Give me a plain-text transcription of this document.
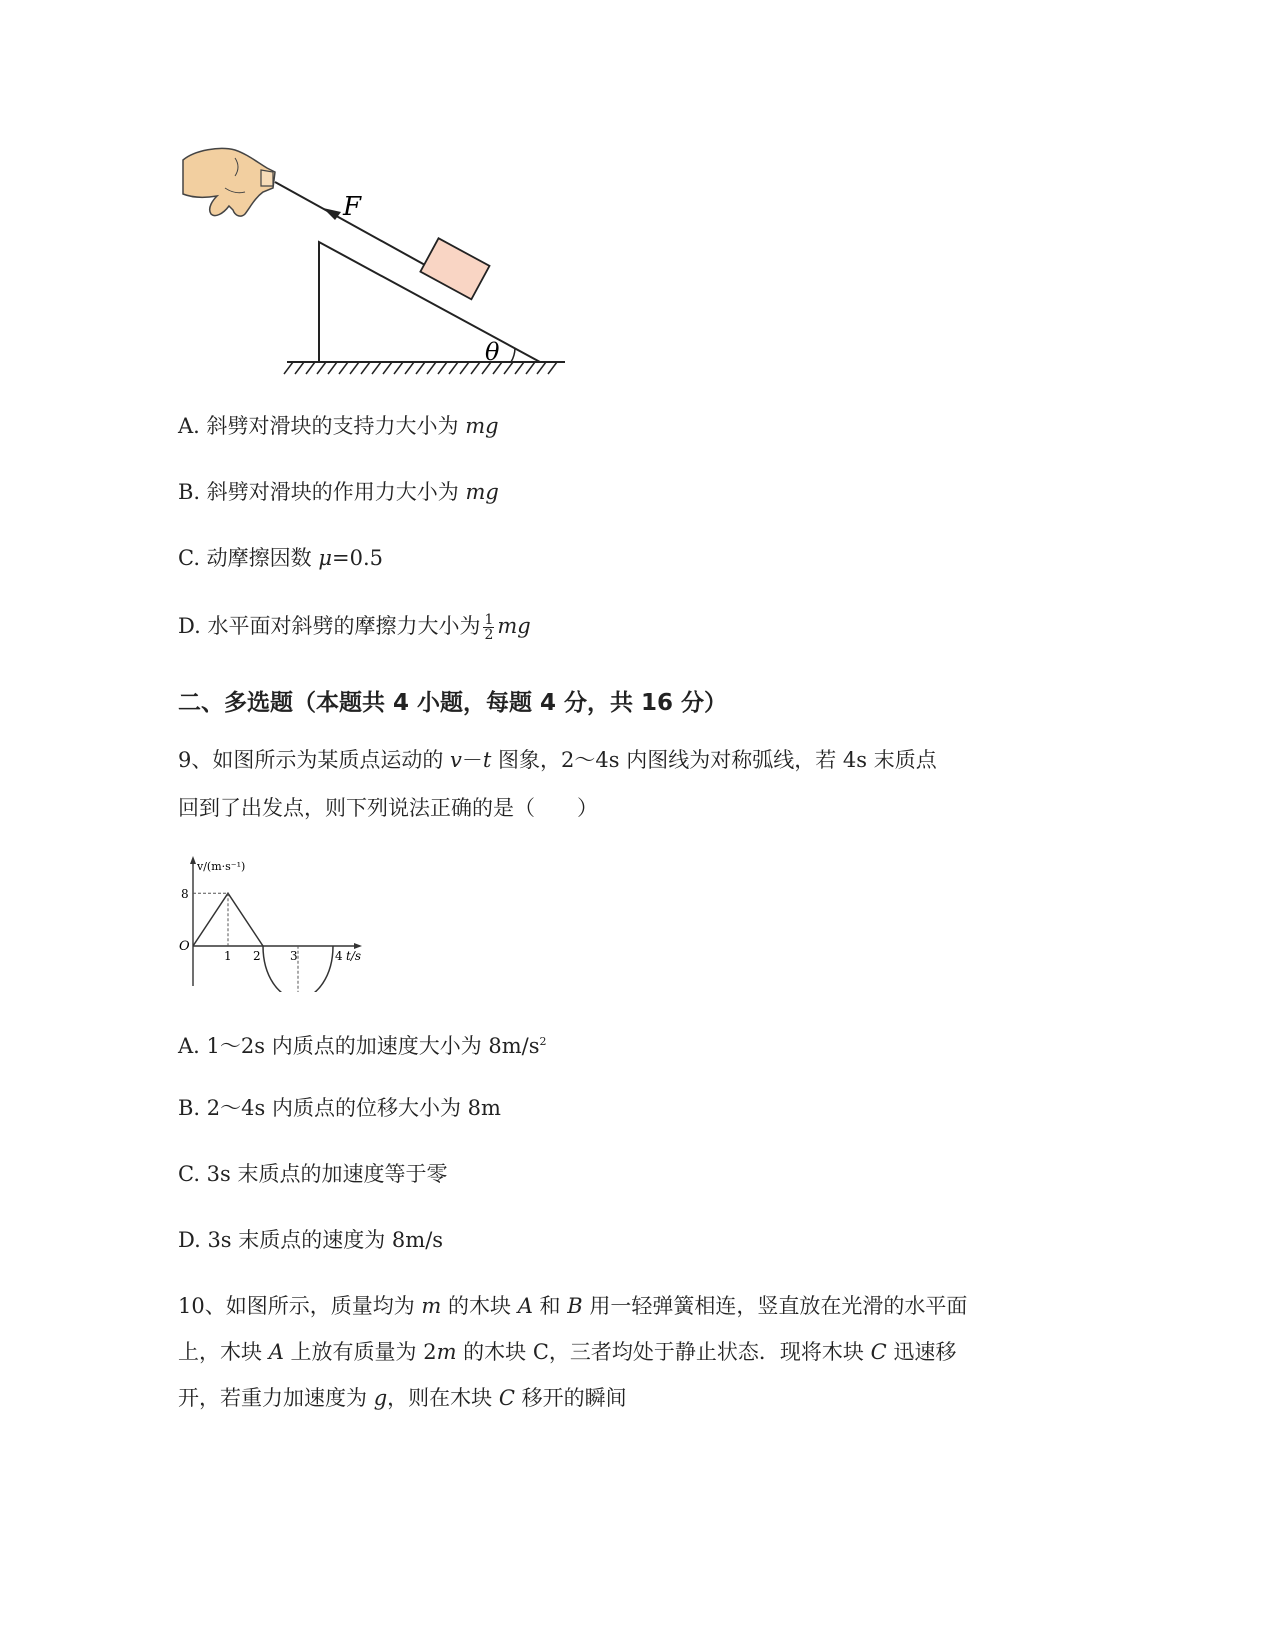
F
θ
A. 斜劈对滑块的支持力大小为 mg
B. 斜劈对滑块的作用力大小为 mg
C. 动摩擦因数 μ=0.5
D. 水平面对斜劈的摩擦力大小为 $\frac{1}{2}$ mg
二、多选题（本题共 4 小题，每题 4 分，共 16 分）
9、如图所示为某质点运动的 v－t 图象，2～4s 内图线为对称弧线，若 4s 末质点
回到了出发点，则下列说法正确的是（　　）
v/(m·s⁻¹)
t/s
O
8
1 2 3	4
A. 1～2s 内质点的加速度大小为 $8m/s^2$
B. 2～4s 内质点的位移大小为 8m
C. 3s 末质点的加速度等于零
D. 3s 末质点的速度为 8m/s
10、如图所示，质量均为 m 的木块 A 和 B 用一轻弹簧相连，竖直放在光滑的水平面
上，木块 A 上放有质量为 2m 的木块 C，三者均处于静止状态．现将木块 C 迅速移
开，若重力加速度为 g，则在木块 C 移开的瞬间
